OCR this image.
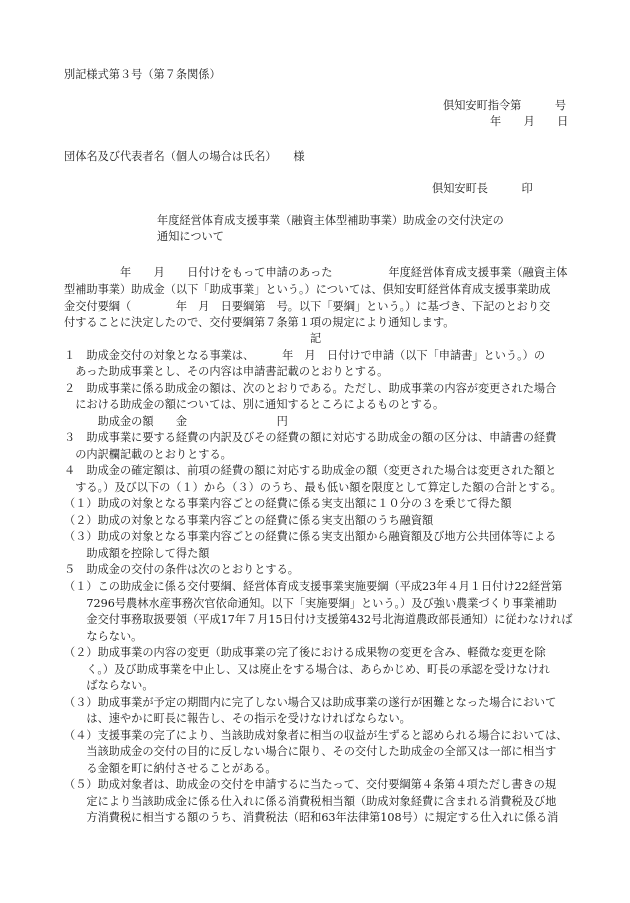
別記様式第３号（第７条関係）
倶知安町指令第　　　号
年　　月　　日
団体名及び代表者名（個人の場合は氏名）　　様
倶知安町長　　　印
年度経営体育成支援事業（融資主体型補助事業）助成金の交付決定の
通知について
年　　月　　日付けをもって申請のあった　　　　　年度経営体育成支援事業（融資主体
型補助事業）助成金（以下「助成事業」という。）については、倶知安町経営体育成支援事業助成
金交付要綱（　　　　年　月　日要綱第　号。以下「要綱」という。）に基づき、下記のとおり交
付することに決定したので、交付要綱第７条第１項の規定により通知します。
記
１　助成金交付の対象となる事業は、　　　年　月　日付けで申請（以下「申請書」という。）の
　あった助成事業とし、その内容は申請書記載のとおりとする。
２　助成事業に係る助成金の額は、次のとおりである。ただし、助成事業の内容が変更された場合
　における助成金の額については、別に通知するところによるものとする。
　　　助成金の額　　金　　　　　　　　円
３　助成事業に要する経費の内訳及びその経費の額に対応する助成金の額の区分は、申請書の経費
　の内訳欄記載のとおりとする。
４　助成金の確定額は、前項の経費の額に対応する助成金の額（変更された場合は変更された額と
　する。）及び以下の（１）から（３）のうち、最も低い額を限度として算定した額の合計とする。
（１）助成の対象となる事業内容ごとの経費に係る実支出額に１０分の３を乗じて得た額
（２）助成の対象となる事業内容ごとの経費に係る実支出額のうち融資額
（３）助成の対象となる事業内容ごとの経費に係る実支出額から融資額及び地方公共団体等による
　　助成額を控除して得た額
５　助成金の交付の条件は次のとおりとする。
（１）この助成金に係る交付要綱、経営体育成支援事業実施要綱（平成23年４月１日付け22経営第
　　7296号農林水産事務次官依命通知。以下「実施要綱」という。）及び強い農業づくり事業補助
　　金交付事務取扱要領（平成17年７月15日付け支援第432号北海道農政部長通知）に従わなければ
　　ならない。
（２）助成事業の内容の変更（助成事業の完了後における成果物の変更を含み、軽微な変更を除
　　く。）及び助成事業を中止し、又は廃止をする場合は、あらかじめ、町長の承認を受けなけれ
　　ばならない。
（３）助成事業が予定の期間内に完了しない場合又は助成事業の遂行が困難となった場合において
　　は、速やかに町長に報告し、その指示を受けなければならない。
（４）支援事業の完了により、当該助成対象者に相当の収益が生ずると認められる場合においては、
　　当該助成金の交付の目的に反しない場合に限り、その交付した助成金の全部又は一部に相当す
　　る金額を町に納付させることがある。
（５）助成対象者は、助成金の交付を申請するに当たって、交付要綱第４条第４項ただし書きの規
　　定により当該助成金に係る仕入れに係る消費税相当額（助成対象経費に含まれる消費税及び地
　　方消費税に相当する額のうち、消費税法（昭和63年法律第108号）に規定する仕入れに係る消
